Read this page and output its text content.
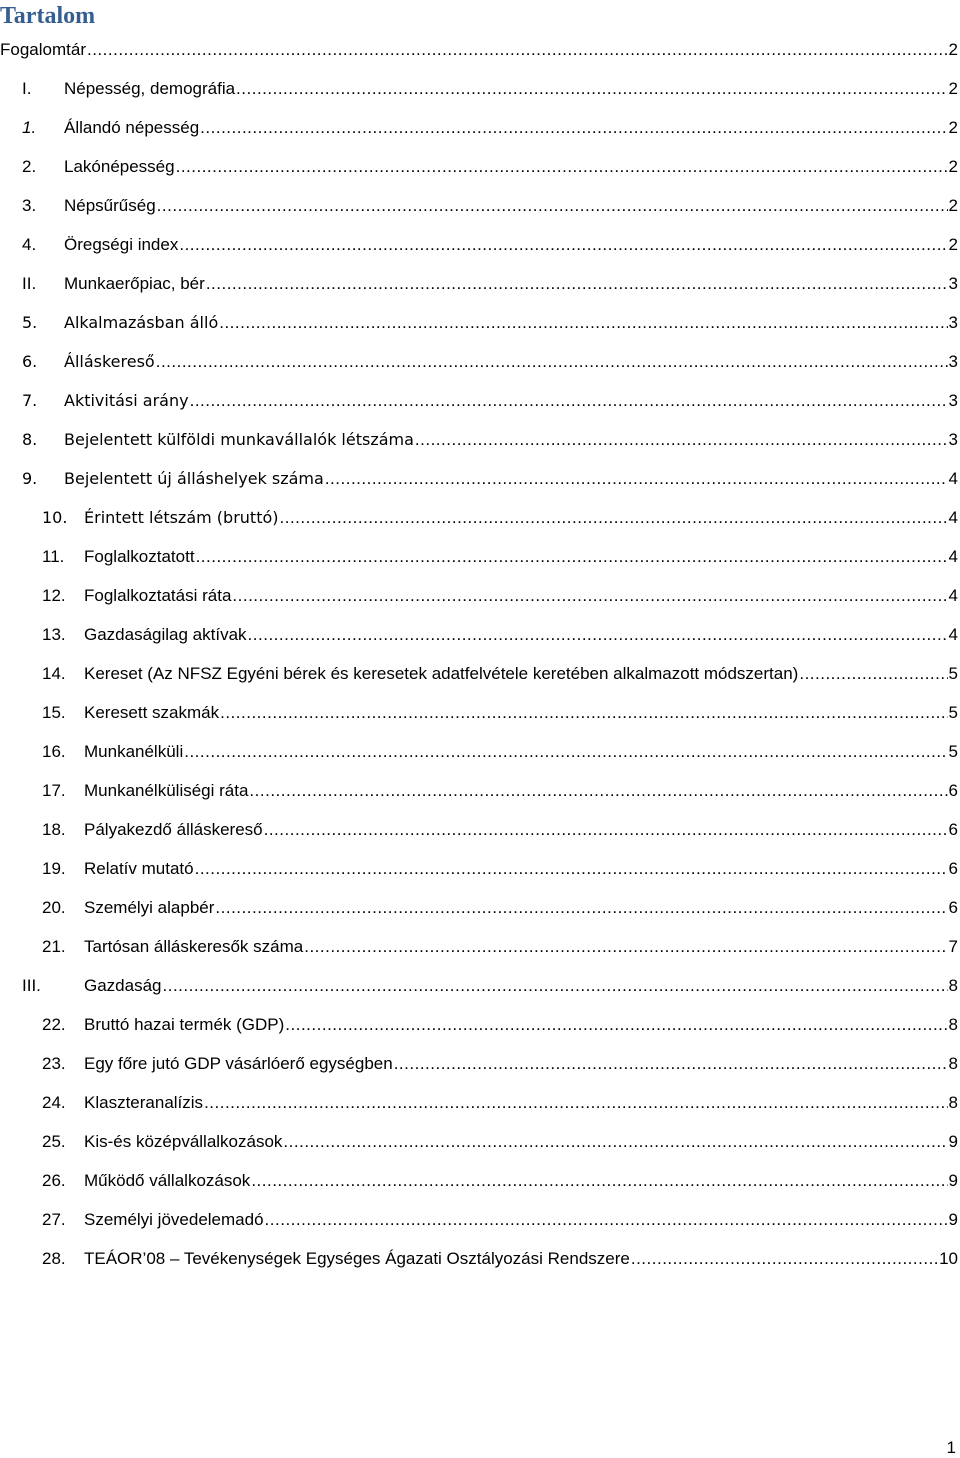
Tartalom
Fogalomtár .....	2
I.	Népesség, demográfia .....	2
1.	Állandó népesség .....	2
2.	Lakónépesség .....	2
3.	Népsűrűség .....	2
4.	Öregségi index .....	2
II.	Munkaerőpiac, bér .....	3
5.	Alkalmazásban álló .....	3
6.	Álláskereső .....	3
7.	Aktivitási arány .....	3
8.	Bejelentett külföldi munkavállalók létszáma .....	3
9.	Bejelentett új álláshelyek száma .....	4
10.	Érintett létszám (bruttó) .....	4
11.	Foglalkoztatott .....	4
12.	Foglalkoztatási ráta .....	4
13.	Gazdaságilag aktívak .....	4
14.	Kereset (Az NFSZ Egyéni bérek és keresetek adatfelvétele keretében alkalmazott módszertan) .....	5
15.	Keresett szakmák .....	5
16.	Munkanélküli .....	5
17.	Munkanélküliségi ráta .....	6
18.	Pályakezdő álláskereső .....	6
19.	Relatív mutató .....	6
20.	Személyi alapbér .....	6
21.	Tartósan álláskeresők száma .....	7
III.	Gazdaság .....	8
22.	Bruttó hazai termék (GDP) .....	8
23.	Egy főre jutó GDP vásárlóerő egységben .....	8
24.	Klaszteranalízis .....	8
25.	Kis-és középvállalkozások .....	9
26.	Működő vállalkozások .....	9
27.	Személyi jövedelemadó .....	9
28.	TEÁOR’08 – Tevékenységek Egységes Ágazati Osztályozási Rendszere .....	10
1
